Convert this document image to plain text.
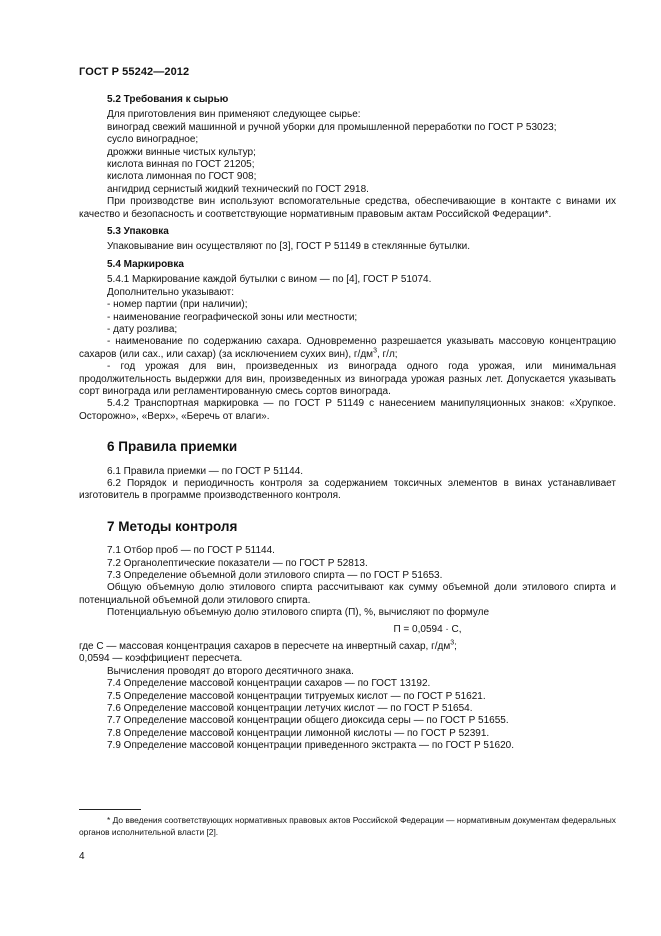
ГОСТ Р 55242—2012

5.2 Требования к сырью

Для приготовления вин применяют следующее сырье:

виноград свежий машинной и ручной уборки для промышленной переработки по ГОСТ Р 53023;

сусло виноградное;

дрожжи винные чистых культур;

кислота винная по ГОСТ 21205;

кислота лимонная по ГОСТ 908;

ангидрид сернистый жидкий технический по ГОСТ 2918.

При производстве вин используют вспомогательные средства, обеспечивающие в контакте с винами их качество и безопасность и соответствующие нормативным правовым актам Российской Федерации*.

5.3 Упаковка

Упаковывание вин осуществляют по [3], ГОСТ Р 51149 в стеклянные бутылки.

5.4 Маркировка

5.4.1 Маркирование каждой бутылки с вином — по [4], ГОСТ Р 51074.

Дополнительно указывают:

- номер партии (при наличии);

- наименование географической зоны или местности;

- дату розлива;

- наименование по содержанию сахара. Одновременно разрешается указывать массовую концентрацию сахаров (или сах., или сахар) (за исключением сухих вин), $г/дм^3$, г/л;

- год урожая для вин, произведенных из винограда одного года урожая, или минимальная продолжительность выдержки для вин, произведенных из винограда урожая разных лет. Допускается указывать сорт винограда или регламентированную смесь сортов винограда.

5.4.2 Транспортная маркировка — по ГОСТ Р 51149 с нанесением манипуляционных знаков: «Хрупкое. Осторожно», «Верх», «Беречь от влаги».

6 Правила приемки

6.1 Правила приемки — по ГОСТ Р 51144.

6.2 Порядок и периодичность контроля за содержанием токсичных элементов в винах устанавливает изготовитель в программе производственного контроля.

7 Методы контроля

7.1 Отбор проб — по ГОСТ Р 51144.

7.2 Органолептические показатели — по ГОСТ Р 52813.

7.3 Определение объемной доли этилового спирта — по ГОСТ Р 51653.

Общую объемную долю этилового спирта рассчитывают как сумму объемной доли этилового спирта и потенциальной объемной доли этилового спирта.

Потенциальную объемную долю этилового спирта (П), %, вычисляют по формуле

П = 0,0594 · C,

где C — массовая концентрация сахаров в пересчете на инвертный сахар, $г/дм^3$;

0,0594 — коэффициент пересчета.

Вычисления проводят до второго десятичного знака.

7.4 Определение массовой концентрации сахаров — по ГОСТ 13192.

7.5 Определение массовой концентрации титруемых кислот — по ГОСТ Р 51621.

7.6 Определение массовой концентрации летучих кислот — по ГОСТ Р 51654.

7.7 Определение массовой концентрации общего диоксида серы — по ГОСТ Р 51655.

7.8 Определение массовой концентрации лимонной кислоты — по ГОСТ Р 52391.

7.9 Определение массовой концентрации приведенного экстракта — по ГОСТ Р 51620.

* До введения соответствующих нормативных правовых актов Российской Федерации — нормативным документам федеральных органов исполнительной власти [2].

4
